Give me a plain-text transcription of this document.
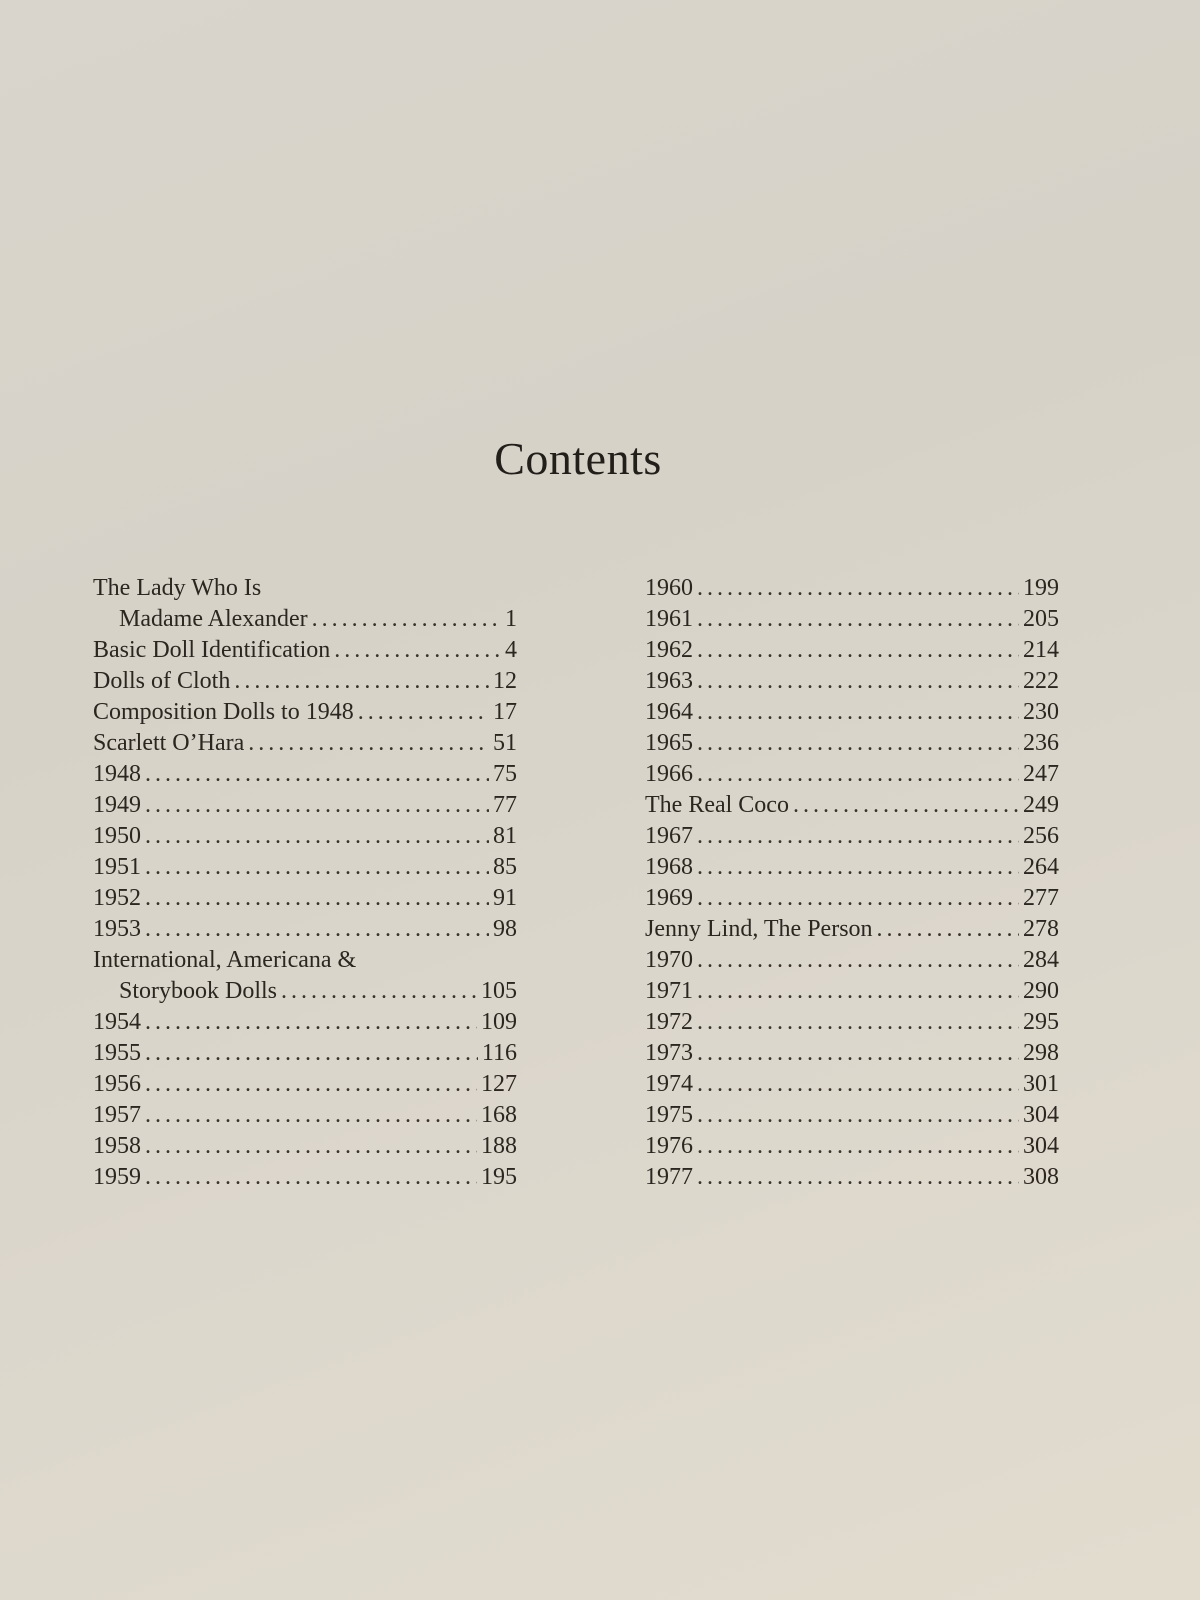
Contents
The Lady Who Is
Madame Alexander . . .	1
Basic Doll Identification . . .	4
Dolls of Cloth . . .	12
Composition Dolls to 1948 . . .	17
Scarlett O’Hara . . .	51
1948 . . .	75
1949 . . .	77
1950 . . .	81
1951 . . .	85
1952 . . .	91
1953 . . .	98
International, Americana &
Storybook Dolls . . .	105
1954 . . .	109
1955 . . .	116
1956 . . .	127
1957 . . .	168
1958 . . .	188
1959 . . .	195
1960 . . .	199
1961 . . .	205
1962 . . .	214
1963 . . .	222
1964 . . .	230
1965 . . .	236
1966 . . .	247
The Real Coco . . .	249
1967 . . .	256
1968 . . .	264
1969 . . .	277
Jenny Lind, The Person . . .	278
1970 . . .	284
1971 . . .	290
1972 . . .	295
1973 . . .	298
1974 . . .	301
1975 . . .	304
1976 . . .	304
1977 . . .	308
